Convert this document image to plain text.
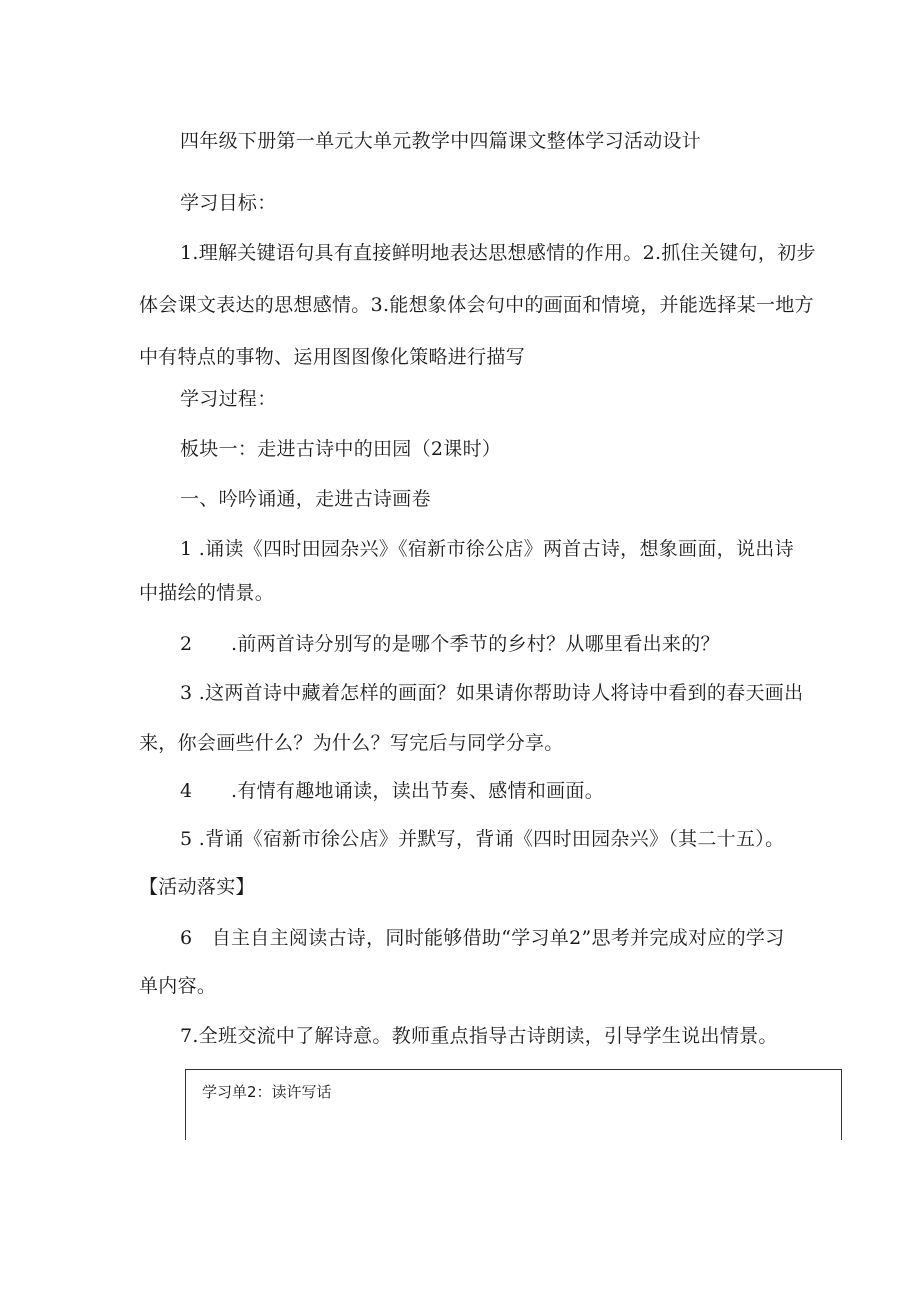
四年级下册第一单元大单元教学中四篇课文整体学习活动设计
学习目标：
1.理解关键语句具有直接鲜明地表达思想感情的作用。2.抓住关键句，初步
体会课文表达的思想感情。3.能想象体会句中的画面和情境，并能选择某一地方
中有特点的事物、运用图图像化策略进行描写
学习过程：
板块一：走进古诗中的田园（2课时）
一、吟吟诵通，走进古诗画卷
1 .诵读《四时田园杂兴》《宿新市徐公店》两首古诗，想象画面，说出诗
中描绘的情景。
2　　.前两首诗分别写的是哪个季节的乡村？从哪里看出来的？
3 .这两首诗中藏着怎样的画面？如果请你帮助诗人将诗中看到的春天画出
来，你会画些什么？为什么？写完后与同学分享。
4　　.有情有趣地诵读，读出节奏、感情和画面。
5 .背诵《宿新市徐公店》并默写，背诵《四时田园杂兴》（其二十五）。
【活动落实】
6　自主自主阅读古诗，同时能够借助“学习单2”思考并完成对应的学习
单内容。
7.全班交流中了解诗意。教师重点指导古诗朗读，引导学生说出情景。
学习单2：读许写话
